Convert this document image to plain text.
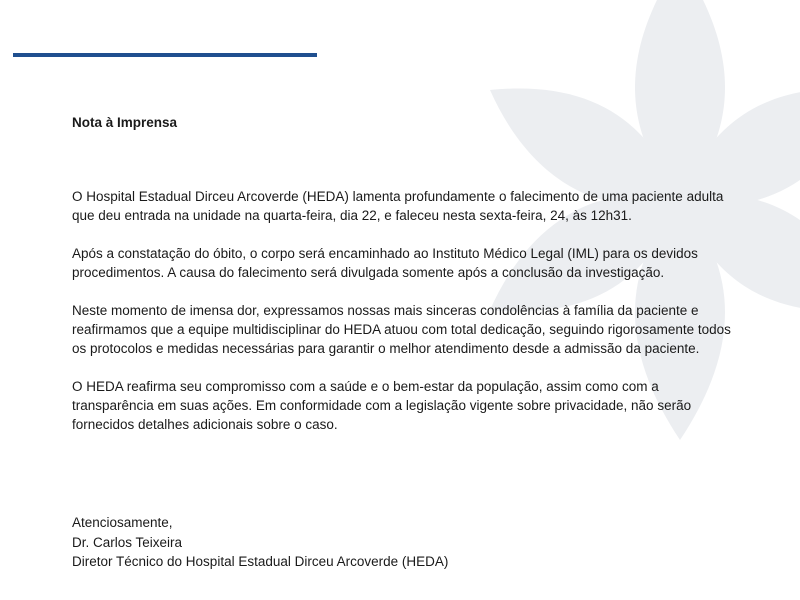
Nota à Imprensa

O Hospital Estadual Dirceu Arcoverde (HEDA) lamenta profundamente o falecimento de uma paciente adulta que deu entrada na unidade na quarta-feira, dia 22, e faleceu nesta sexta-feira, 24, às 12h31.

Após a constatação do óbito, o corpo será encaminhado ao Instituto Médico Legal (IML) para os devidos procedimentos. A causa do falecimento será divulgada somente após a conclusão da investigação.

Neste momento de imensa dor, expressamos nossas mais sinceras condolências à família da paciente e reafirmamos que a equipe multidisciplinar do HEDA atuou com total dedicação, seguindo rigorosamente todos os protocolos e medidas necessárias para garantir o melhor atendimento desde a admissão da paciente.

O HEDA reafirma seu compromisso com a saúde e o bem-estar da população, assim como com a transparência em suas ações. Em conformidade com a legislação vigente sobre privacidade, não serão fornecidos detalhes adicionais sobre o caso.

Atenciosamente,
Dr. Carlos Teixeira
Diretor Técnico do Hospital Estadual Dirceu Arcoverde (HEDA)
